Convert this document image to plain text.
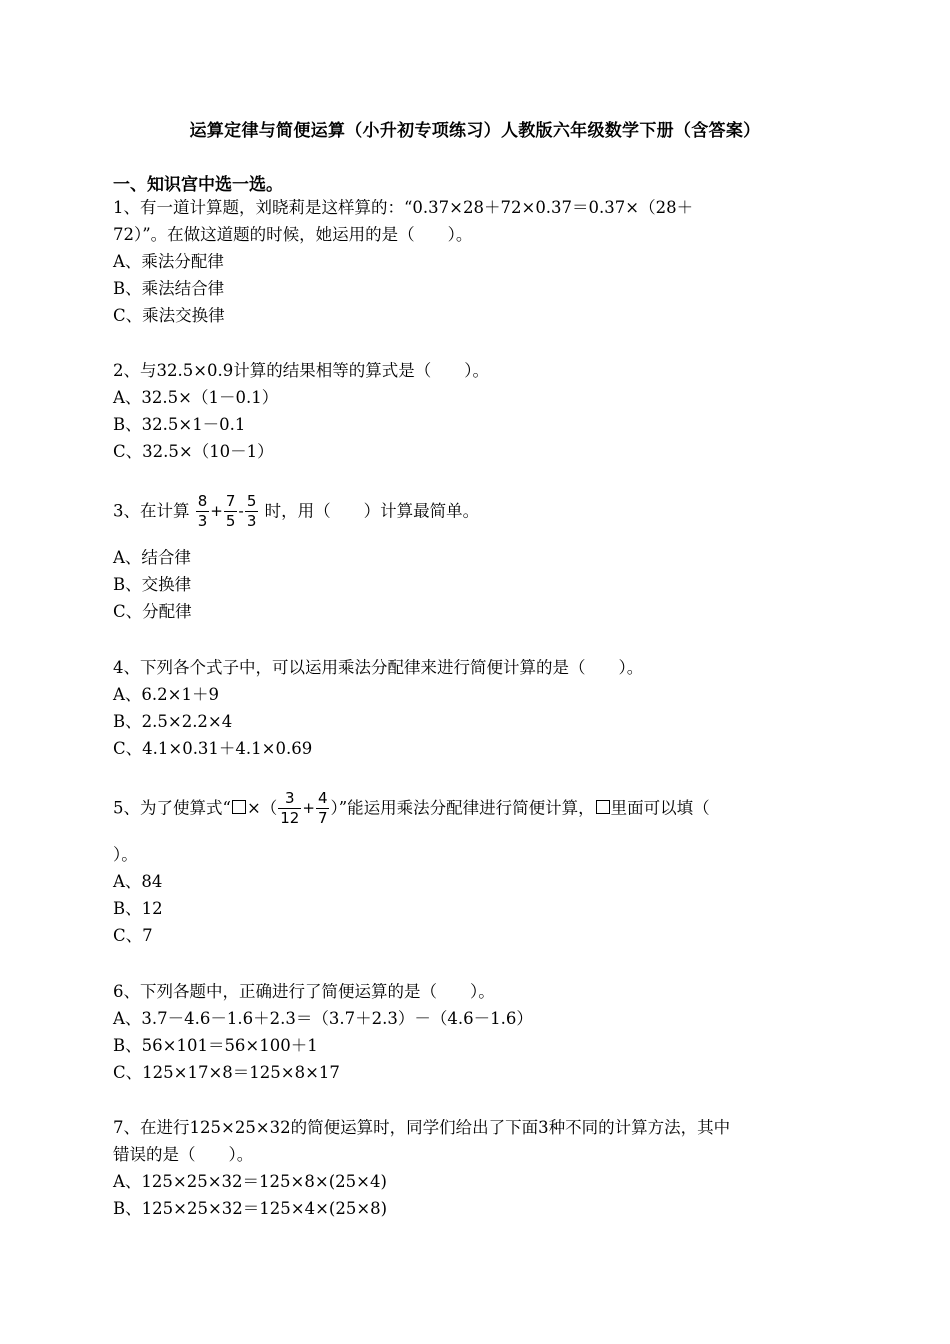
运算定律与简便运算（小升初专项练习）人教版六年级数学下册（含答案）
一、知识宫中选一选。
1、有一道计算题，刘晓莉是这样算的：“0.37×28＋72×0.37＝0.37×（28＋
72）”。在做这道题的时候，她运用的是（　　）。
A、乘法分配律
B、乘法结合律
C、乘法交换律
2、与32.5×0.9计算的结果相等的算式是（　　）。
A、32.5×（1－0.1）
B、32.5×1－0.1
C、32.5×（10－1）
3、在计算 $\frac{8}{3} + \frac{7}{5} - \frac{5}{3}$ 时，用（　　）计算最简单。
A、结合律
B、交换律
C、分配律
4、下列各个式子中，可以运用乘法分配律来进行简便计算的是（　　）。
A、6.2×1＋9
B、2.5×2.2×4
C、4.1×0.31＋4.1×0.69
5、为了使算式“ ×（ $\frac{3}{12} + \frac{4}{7}$ ）”能运用乘法分配律进行简便计算， 里面可以填（
）。
A、84
B、12
C、7
6、下列各题中，正确进行了简便运算的是（　　）。
A、3.7－4.6－1.6＋2.3＝（3.7＋2.3）－（4.6－1.6）
B、56×101＝56×100＋1
C、125×17×8＝125×8×17
7、在进行125×25×32的简便运算时，同学们给出了下面3种不同的计算方法，其中
错误的是（　　）。
A、125×25×32＝125×8×(25×4)
B、125×25×32＝125×4×(25×8)
